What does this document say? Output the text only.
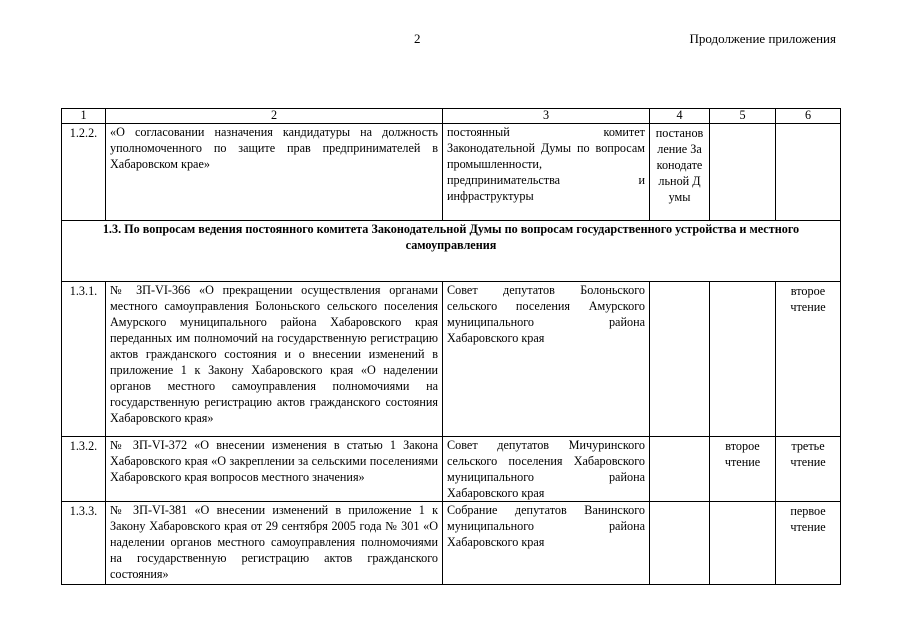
2	Продолжение приложения
1	2	3	4	5	6
1.2.2.	«О согласовании назначения кандидатуры на должность уполномоченного по защите прав предпринимателей в Хабаровском крае»	постоянный комитет Законодательной Думы по вопросам промышленности, предпринимательства и инфраструктуры	постановление Законодательной Думы		

1.3. По вопросам ведения постоянного комитета Законодательной Думы по вопросам государственного устройства и местного самоуправления					
1.3.1.	№ ЗП-VI-366 «О прекращении осуществления органами местного самоуправления Болоньского сельского поселения Амурского муниципального района Хабаровского края переданных им полномочий на государственную регистрацию актов гражданского состояния и о внесении изменений в приложение 1 к Закону Хабаровского края «О наделении органов местного самоуправления полномочиями на государственную регистрацию актов гражданского состояния Хабаровского края»	Совет депутатов Болоньского сельского поселения Амурского муниципального района Хабаровского края			второе чтение

1.3.2.	№ ЗП-VI-372 «О внесении изменения в статью 1 Закона Хабаровского края «О закреплении за сельскими поселениями Хабаровского края вопросов местного значения»	Совет депутатов Мичуринского сельского поселения Хабаровского муниципального района Хабаровского края		второе чтение	третье чтение

1.3.3.	№ ЗП-VI-381 «О внесении изменений в приложение 1 к Закону Хабаровского края от 29 сентября 2005 года № 301 «О наделении органов местного самоуправления полномочиями на государственную регистрацию актов гражданского состояния»	Собрание депутатов Ванинского муниципального района Хабаровского края			первое чтение
